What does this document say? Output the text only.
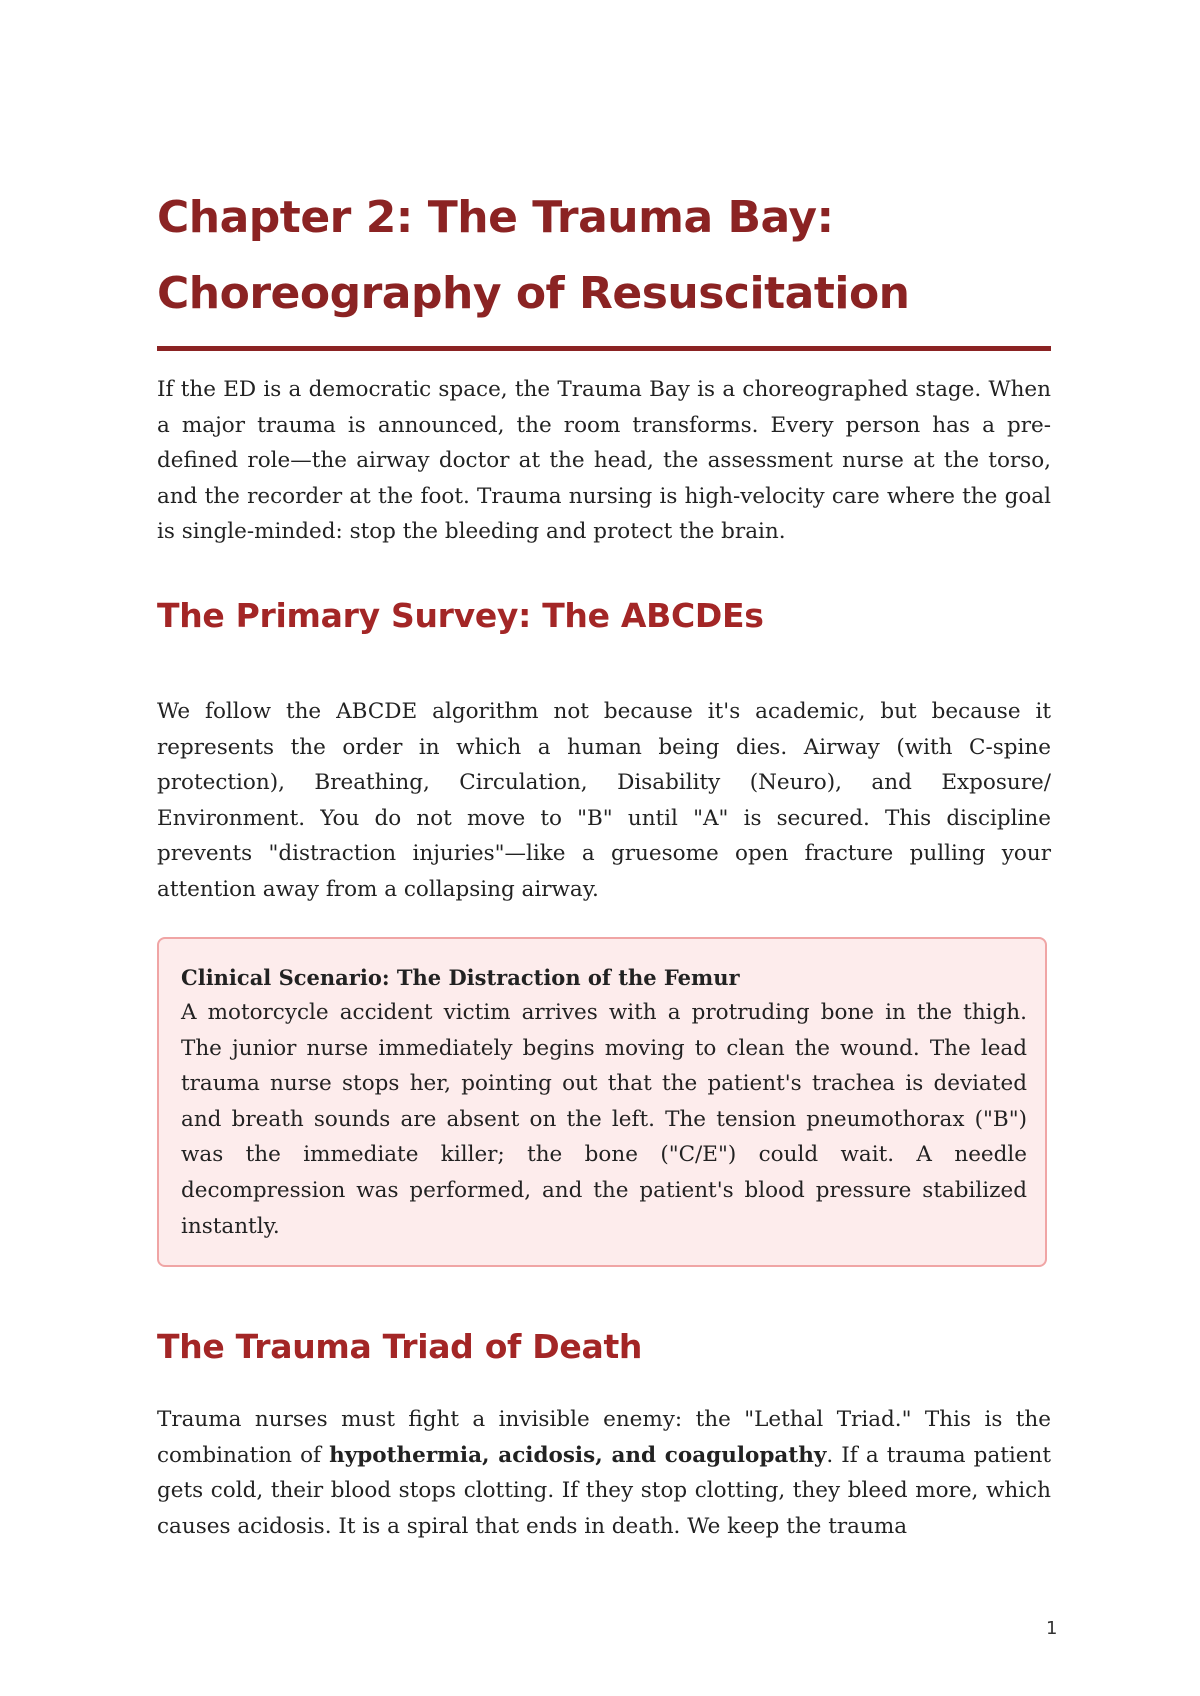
Chapter 2: The Trauma Bay: Choreography of Resuscitation

If the ED is a democratic space, the Trauma Bay is a choreographed stage. When a major trauma is announced, the room transforms. Every person has a pre-defined role—the airway doctor at the head, the assessment nurse at the torso, and the recorder at the foot. Trauma nursing is high-velocity care where the goal is single-minded: stop the bleeding and protect the brain.

The Primary Survey: The ABCDEs

We follow the ABCDE algorithm not because it's academic, but because it represents the order in which a human being dies. Airway (with C-spine protection), Breathing, Circulation, Disability (Neuro), and Exposure/ Environment. You do not move to "B" until "A" is secured. This discipline prevents "distraction injuries"—like a gruesome open fracture pulling your attention away from a collapsing airway.

Clinical Scenario: The Distraction of the Femur

A motorcycle accident victim arrives with a protruding bone in the thigh. The junior nurse immediately begins moving to clean the wound. The lead trauma nurse stops her, pointing out that the patient's trachea is deviated and breath sounds are absent on the left. The tension pneumothorax ("B") was the immediate killer; the bone ("C/E") could wait. A needle decompression was performed, and the patient's blood pressure stabilized instantly.

The Trauma Triad of Death

Trauma nurses must fight a invisible enemy: the "Lethal Triad." This is the combination of hypothermia, acidosis, and coagulopathy. If a trauma patient gets cold, their blood stops clotting. If they stop clotting, they bleed more, which causes acidosis. It is a spiral that ends in death. We keep the trauma

1
